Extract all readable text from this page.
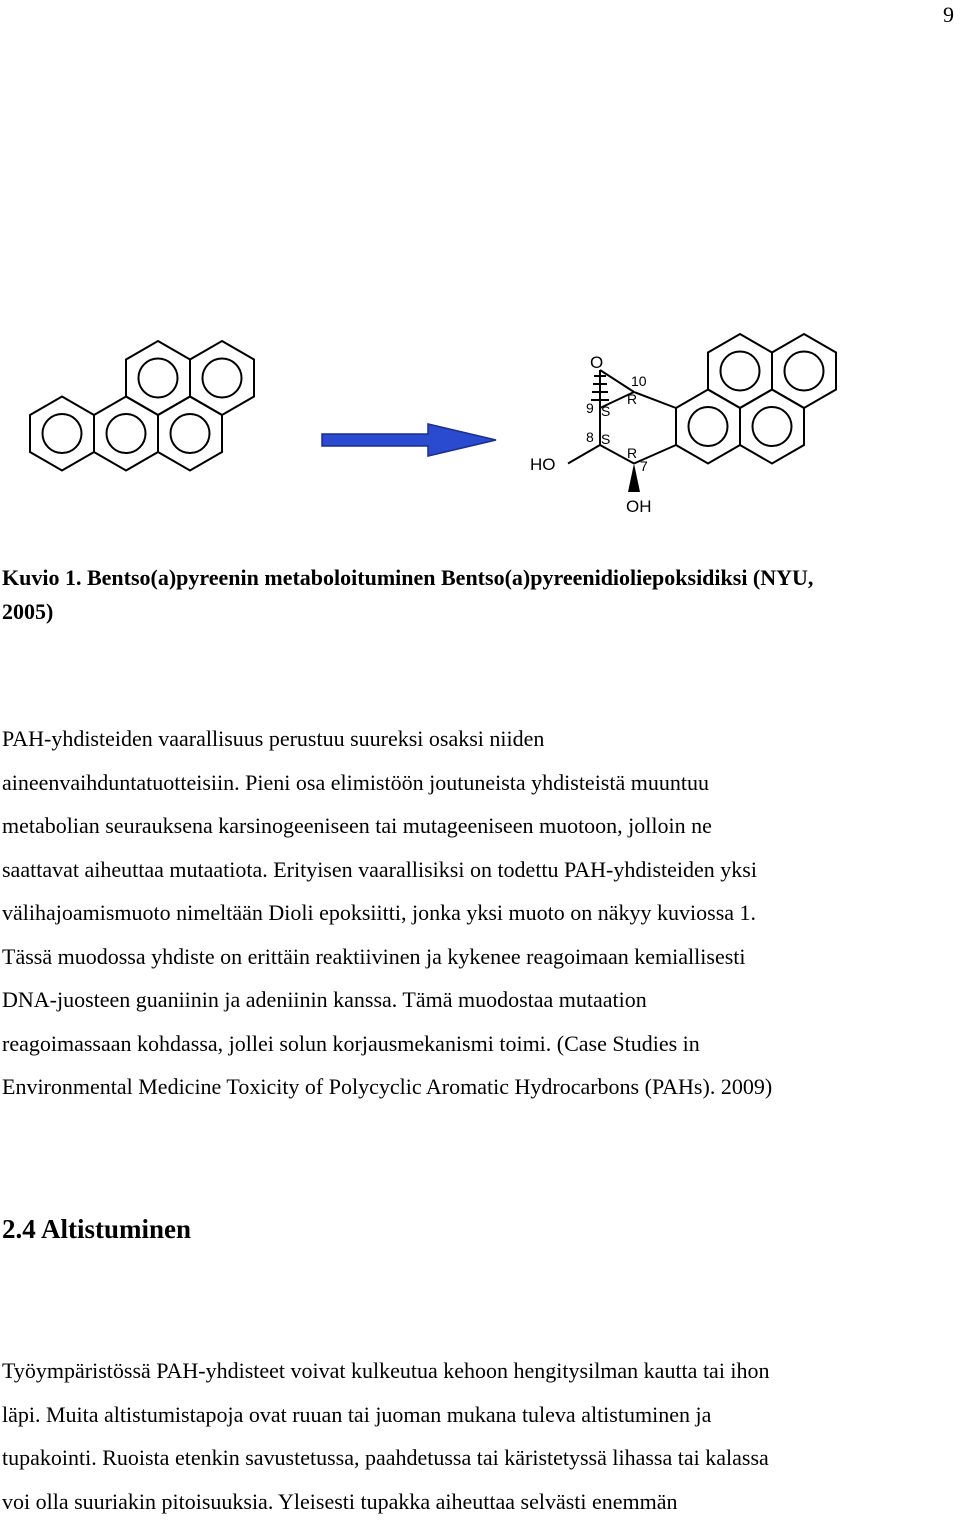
9
O
10
9 S
R
8 S
R
7
HO
OH
Kuvio 1. Bentso(a)pyreenin metaboloituminen Bentso(a)pyreenidioliepoksidiksi (NYU,
2005)
PAH-yhdisteiden vaarallisuus perustuu suureksi osaksi niiden
aineenvaihduntatuotteisiin. Pieni osa elimistöön joutuneista yhdisteistä muuntuu
metabolian seurauksena karsinogeeniseen tai mutageeniseen muotoon, jolloin ne
saattavat aiheuttaa mutaatiota. Erityisen vaarallisiksi on todettu PAH-yhdisteiden yksi
välihajoamismuoto nimeltään Dioli epoksiitti, jonka yksi muoto on näkyy kuviossa 1.
Tässä muodossa yhdiste on erittäin reaktiivinen ja kykenee reagoimaan kemiallisesti
DNA-juosteen guaniinin ja adeniinin kanssa. Tämä muodostaa mutaation
reagoimassaan kohdassa, jollei solun korjausmekanismi toimi. (Case Studies in
Environmental Medicine Toxicity of Polycyclic Aromatic Hydrocarbons (PAHs). 2009)
2.4 Altistuminen
Työympäristössä PAH-yhdisteet voivat kulkeutua kehoon hengitysilman kautta tai ihon
läpi. Muita altistumistapoja ovat ruuan tai juoman mukana tuleva altistuminen ja
tupakointi. Ruoista etenkin savustetussa, paahdetussa tai käristetyssä lihassa tai kalassa
voi olla suuriakin pitoisuuksia. Yleisesti tupakka aiheuttaa selvästi enemmän
